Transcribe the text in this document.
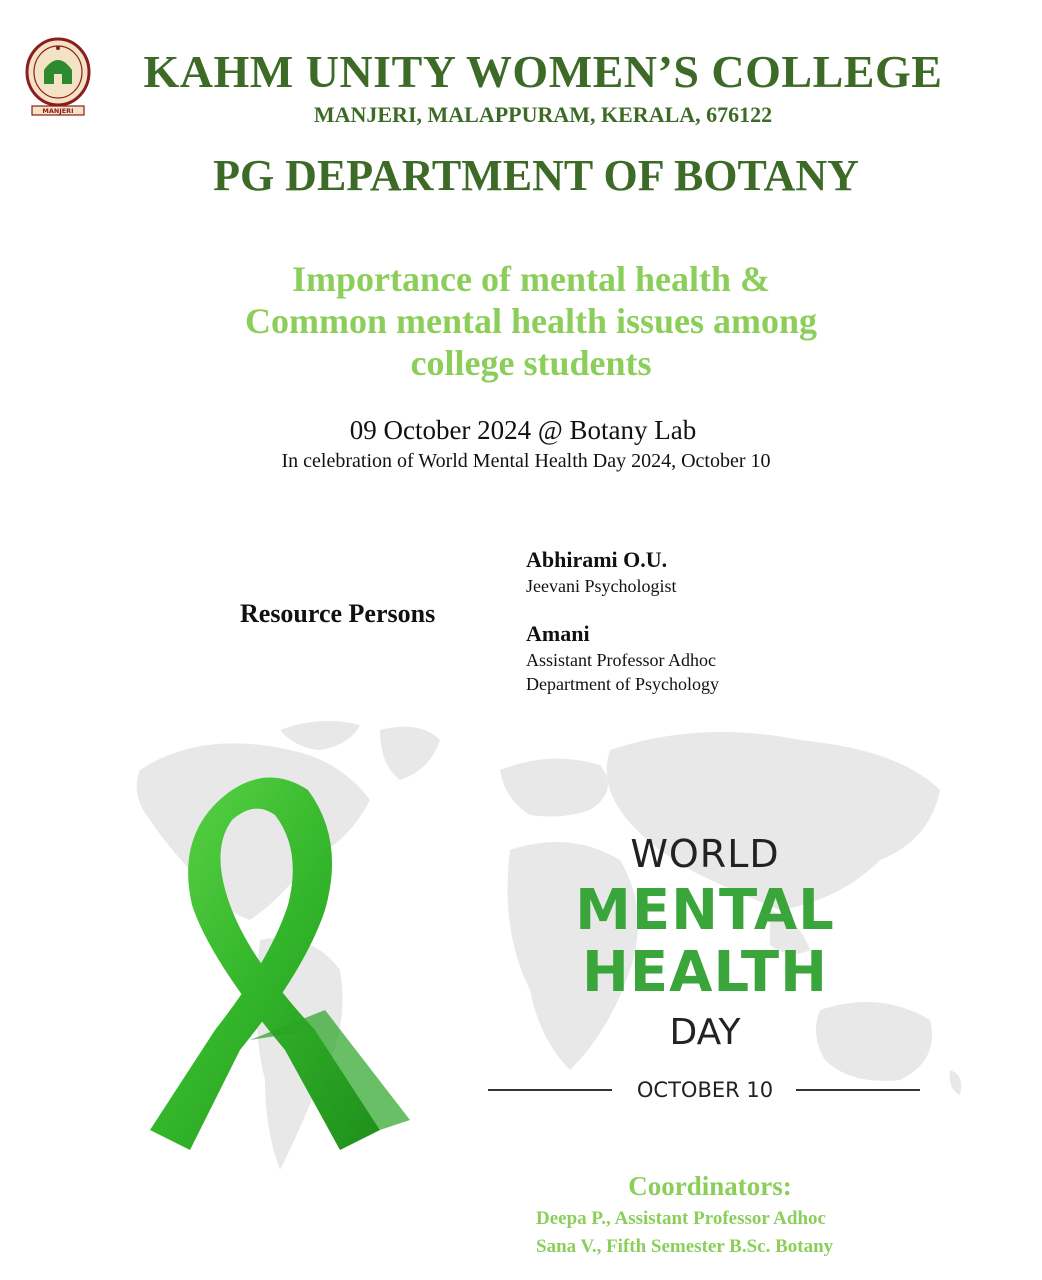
MANJERI
KAHM UNITY WOMEN’S COLLEGE
MANJERI, MALAPPURAM, KERALA, 676122
PG DEPARTMENT OF BOTANY
Importance of mental health &
Common mental health issues among
college students
09 October 2024 @ Botany Lab
In celebration of World Mental Health Day 2024, October 10
Resource Persons
Abhirami O.U.
Jeevani Psychologist
Amani
Assistant Professor Adhoc
Department of Psychology
WORLD
MENTAL
HEALTH
DAY
OCTOBER 10
Coordinators:
Deepa P., Assistant Professor Adhoc
Sana V., Fifth Semester B.Sc. Botany
